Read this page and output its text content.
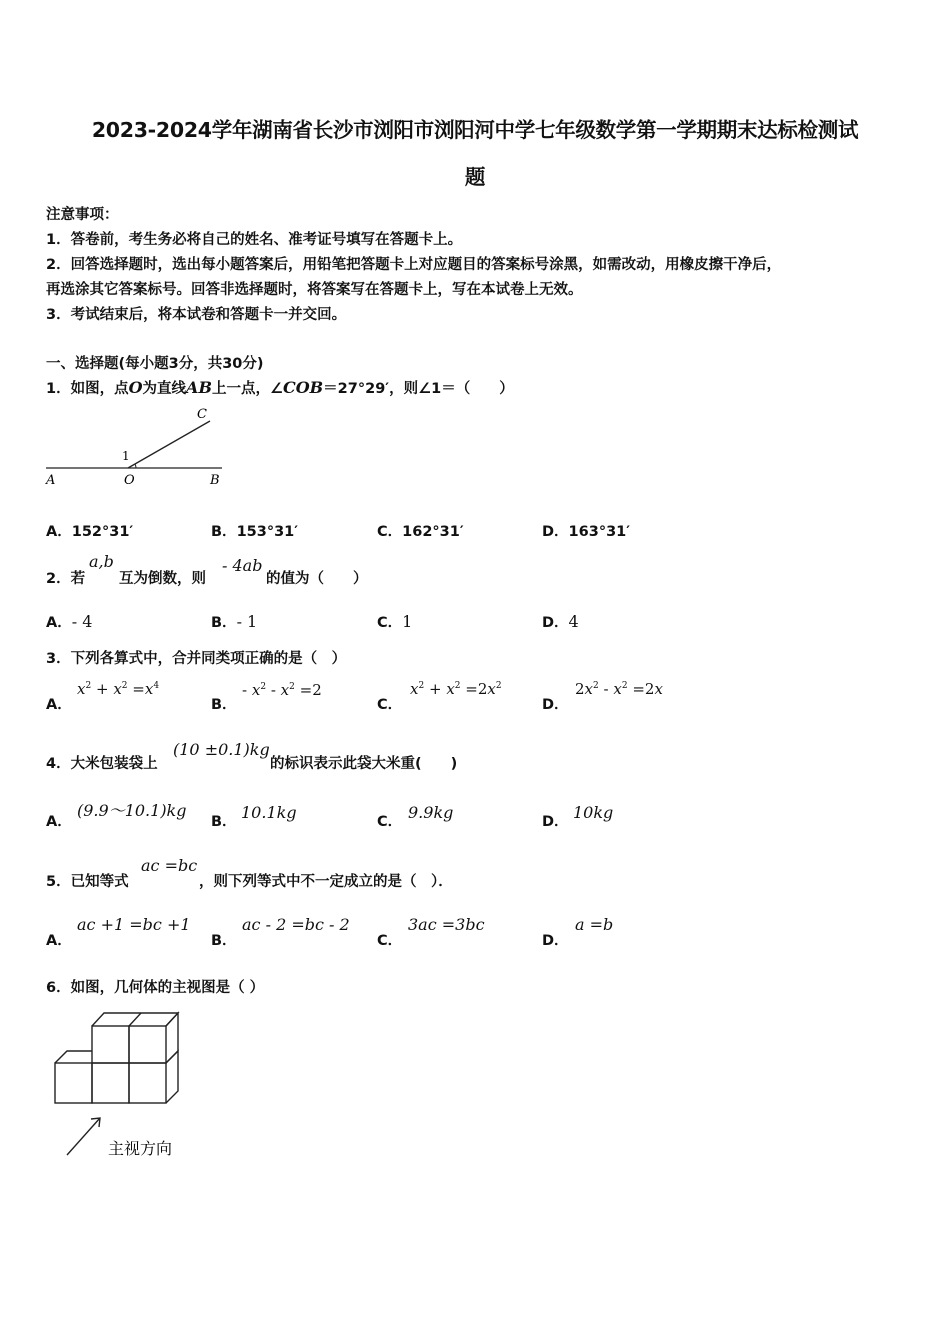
2023-2024学年湖南省长沙市浏阳市浏阳河中学七年级数学第一学期期末达标检测试
题
注意事项：
1．答卷前，考生务必将自己的姓名、准考证号填写在答题卡上。
2．回答选择题时，选出每小题答案后，用铅笔把答题卡上对应题目的答案标号涂黑，如需改动，用橡皮擦干净后，
再选涂其它答案标号。回答非选择题时，将答案写在答题卡上，写在本试卷上无效。
3．考试结束后，将本试卷和答题卡一并交回。
一、选择题(每小题3分，共30分)
1．如图，点O为直线AB上一点，∠COB＝27°29′，则∠1＝（　　）
A	O	B
C
1
A．152°31′	B．153°31′	C．162°31′	D．163°31′
2．若
a,b
互为倒数，则
- 4ab
的值为（　　）
A．- 4	B．- 1	C．1	D．4
3．下列各算式中，合并同类项正确的是（　）
A．
$x^2 + x^2 =x^4$
B．
- $x^2 - x^2 =2$
C．
$x^2 + x^2 =2x^2$
D．
$2x^2 - x^2 =2x$
4．大米包装袋上
(10 ±0.1)kg
的标识表示此袋大米重(　　)
A．
(9.9～10.1)kg
B． 10.1kg	C． 9.9kg	D． 10kg
5．已知等式
ac =bc
，则下列等式中不一定成立的是（　）．
A．
ac +1 =bc +1
B．
ac - 2 =bc - 2
C．
3ac =3bc
D．
a =b
6．如图，几何体的主视图是（ ）
主视方向
